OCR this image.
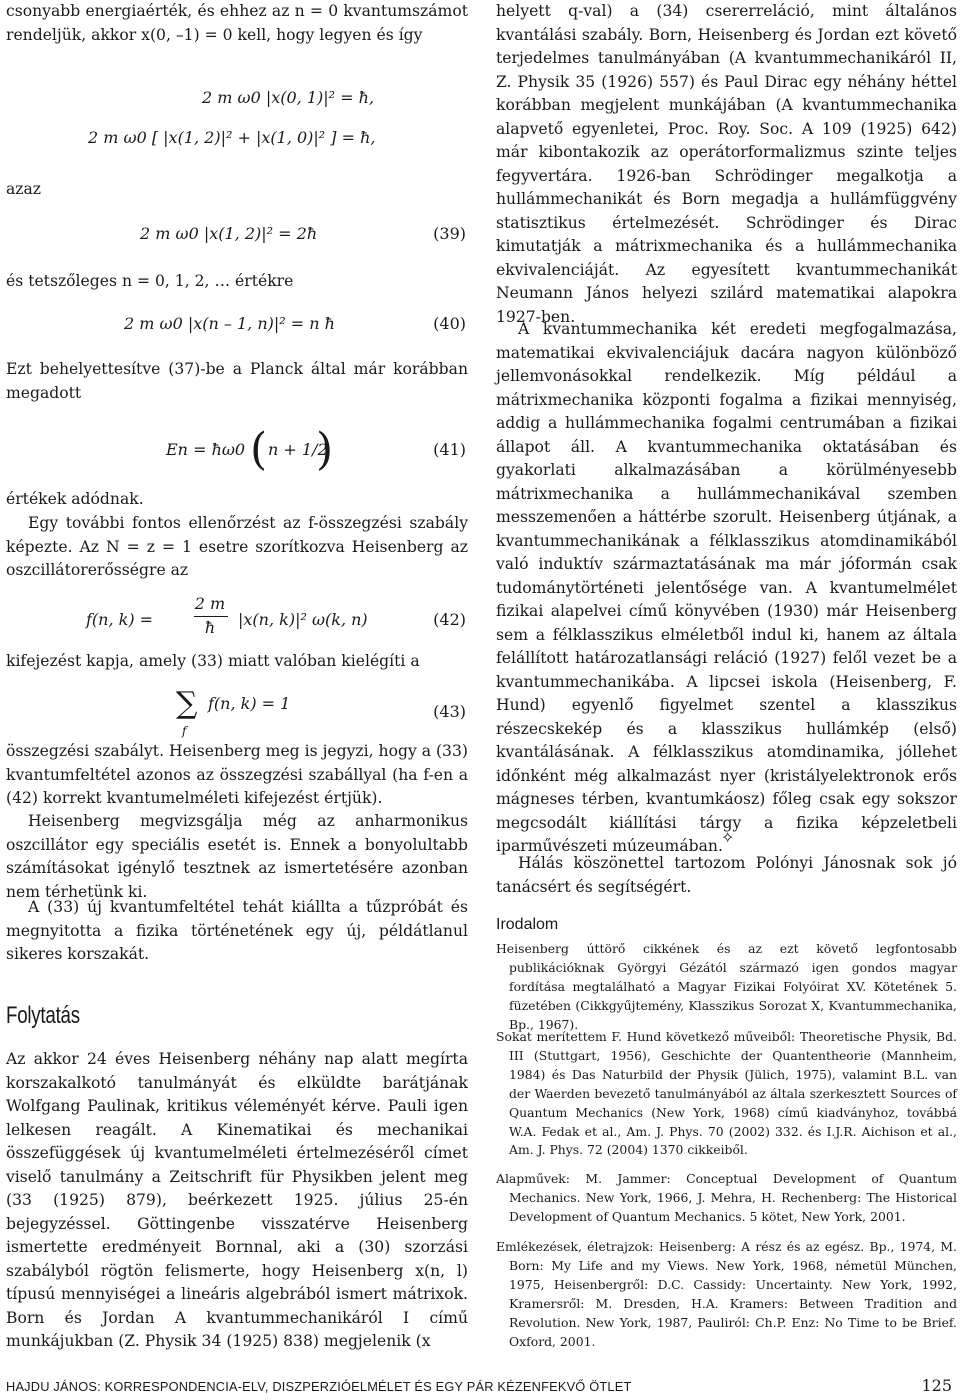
csonyabb energiaérték, és ehhez az n = 0 kvantumszámot rendeljük, akkor x(0, –1) = 0 kell, hogy legyen és így
2 m ω0 |x(0, 1)|² = ħ,
2 m ω0 [ |x(1, 2)|² + |x(1, 0)|² ] = ħ,
azaz
2 m ω0 |x(1, 2)|² = 2ħ	(39)
és tetszőleges n = 0, 1, 2, … értékre
2 m ω0 |x(n – 1, n)|² = n ħ	(40)
Ezt behelyettesítve (37)-be a Planck által már korábban megadott
En = ħω0 ( n + 1/2
)	(41)
értékek adódnak.
Egy további fontos ellenőrzést az f-összegzési szabály képezte. Az N = z = 1 esetre szorítkozva Heisenberg az oszcillátorerősségre az
f(n, k) =
2 m
ħ	|x(n, k)|² ω(k, n)	(42)
kifejezést kapja, amely (33) miatt valóban kielégíti a
∑
f
f(n, k) = 1	(43)
összegzési szabályt. Heisenberg meg is jegyzi, hogy a (33) kvantumfeltétel azonos az összegzési szabállyal (ha f-en a (42) korrekt kvantumelméleti kifejezést értjük).
Heisenberg megvizsgálja még az anharmonikus oszcillátor egy speciális esetét is. Ennek a bonyolultabb számításokat igénylő tesztnek az ismertetésére azonban nem térhetünk ki.
A (33) új kvantumfeltétel tehát kiállta a tűzpróbát és megnyitotta a fizika történetének egy új, példátlanul sikeres korszakát.
Folytatás
Az akkor 24 éves Heisenberg néhány nap alatt megírta korszakalkotó tanulmányát és elküldte barátjának Wolfgang Paulinak, kritikus véleményét kérve. Pauli igen lelkesen reagált. A Kinematikai és mechanikai összefüggések új kvantumelméleti értelmezéséről címet viselő tanulmány a Zeitschrift für Physikben jelent meg (33 (1925) 879), beérkezett 1925. július 25-én bejegyzéssel. Göttingenbe visszatérve Heisenberg ismertette eredményeit Bornnal, aki a (30) szorzási szabályból rögtön felismerte, hogy Heisenberg x(n, l) típusú mennyiségei a lineáris algebrából ismert mátrixok. Born és Jordan A kvantummechanikáról I című munkájukban (Z. Physik 34 (1925) 838) megjelenik (x
helyett q-val) a (34) csererreláció, mint általános kvantálási szabály. Born, Heisenberg és Jordan ezt követő terjedelmes tanulmányában (A kvantummechanikáról II, Z. Physik 35 (1926) 557) és Paul Dirac egy néhány héttel korábban megjelent munkájában (A kvantummechanika alapvető egyenletei, Proc. Roy. Soc. A 109 (1925) 642) már kibontakozik az operátorformalizmus szinte teljes fegyvertára. 1926-ban Schrödinger megalkotja a hullámmechanikát és Born megadja a hullámfüggvény statisztikus értelmezését. Schrödinger és Dirac kimutatják a mátrixmechanika és a hullámmechanika ekvivalenciáját. Az egyesített kvantummechanikát Neumann János helyezi szilárd matematikai alapokra 1927-ben.
A kvantummechanika két eredeti megfogalmazása, matematikai ekvivalenciájuk dacára nagyon különböző jellemvonásokkal rendelkezik. Míg például a mátrixmechanika központi fogalma a fizikai mennyiség, addig a hullámmechanika fogalmi centrumában a fizikai állapot áll. A kvantummechanika oktatásában és gyakorlati alkalmazásában a körülményesebb mátrixmechanika a hullámmechanikával szemben messzemenően a háttérbe szorult. Heisenberg útjának, a kvantummechanikának a félklasszikus atomdinamikából való induktív származtatásának ma már jóformán csak tudománytörténeti jelentősége van. A kvantumelmélet fizikai alapelvei című könyvében (1930) már Heisenberg sem a félklasszikus elméletből indul ki, hanem az általa felállított határozatlansági reláció (1927) felől vezet be a kvantummechanikába. A lipcsei iskola (Heisenberg, F. Hund) egyenlő figyelmet szentel a klasszikus részecskekép és a klasszikus hullámkép (első) kvantálásának. A félklasszikus atomdinamika, jóllehet időnként még alkalmazást nyer (kristályelektronok erős mágneses térben, kvantumkáosz) főleg csak egy sokszor megcsodált kiállítási tárgy a fizika képzeletbeli iparművészeti múzeumában.
✧
Hálás köszönettel tartozom Polónyi Jánosnak sok jó tanácsért és segítségért.
Irodalom
Heisenberg úttörő cikkének és az ezt követő legfontosabb publikációknak Györgyi Gézától származó igen gondos magyar fordítása megtalálható a Magyar Fizikai Folyóirat XV. Kötetének 5. füzetében (Cikkgyűjtemény, Klasszikus Sorozat X, Kvantummechanika, Bp., 1967).
Sokat merítettem F. Hund következő műveiből: Theoretische Physik, Bd. III (Stuttgart, 1956), Geschichte der Quantentheorie (Mannheim, 1984) és Das Naturbild der Physik (Jülich, 1975), valamint B.L. van der Waerden bevezető tanulmányából az általa szerkesztett Sources of Quantum Mechanics (New York, 1968) című kiadványhoz, továbbá W.A. Fedak et al., Am. J. Phys. 70 (2002) 332. és I.J.R. Aichison et al., Am. J. Phys. 72 (2004) 1370 cikkeiből.
Alapművek: M. Jammer: Conceptual Development of Quantum Mechanics. New York, 1966, J. Mehra, H. Rechenberg: The Historical Development of Quantum Mechanics. 5 kötet, New York, 2001.
Emlékezések, életrajzok: Heisenberg: A rész és az egész. Bp., 1974, M. Born: My Life and my Views. New York, 1968, németül München, 1975, Heisenbergről: D.C. Cassidy: Uncertainty. New York, 1992, Kramersről: M. Dresden, H.A. Kramers: Between Tradition and Revolution. New York, 1987, Pauliról: Ch.P. Enz: No Time to be Brief. Oxford, 2001.
HAJDU JÁNOS: KORRESPONDENCIA-ELV, DISZPERZIÓELMÉLET ÉS EGY PÁR KÉZENFEKVŐ ÖTLET	125
